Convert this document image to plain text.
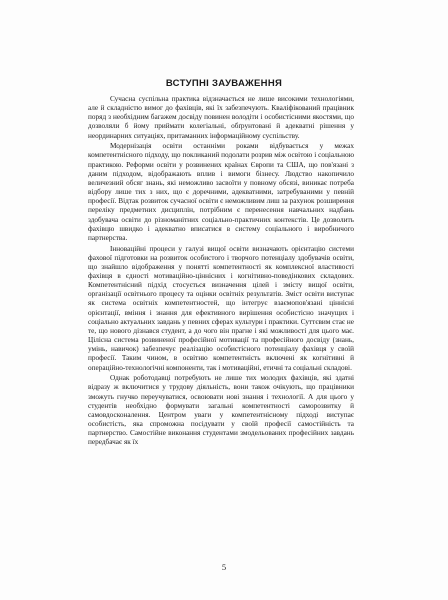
ВСТУПНІ ЗАУВАЖЕННЯ

Сучасна суспільна практика відзначається не лише високими технологіями, але й складністю вимог до фахівців, які їх забезпечують. Кваліфікований працівник поряд з необхідним багажем досвіду повинен володіти і особистісними якостями, що дозволяли б йому приймати колегіальні, обґрунтовані й адекватні рішення у неординарних ситуаціях, притаманних інформаційному суспільству.

Модернізація освіти останніми роками відбувається у межах компетентнісного підходу, що покликаний подолати розрив між освітою і соціальною практикою. Реформи освіти у розвинених країнах Європи та США, що пов'язані з даним підходом, відображають вплив і вимоги бізнесу. Людство накопичило величезний обсяг знань, які неможливо засвоїти у повному обсязі, виникає потреба відбору лише тих з них, що є доречними, адекватними, затребуваними у певній професії. Відтак розвиток сучасної освіти є неможливим лиш за рахунок розширення переліку предметних дисциплін, потрібним є перенесення навчальних надбань здобувача освіти до різноманітних соціально-практичних контекстів. Це дозволить фахівцю швидко і адекватно вписатися в систему соціального і виробничого партнерства.

Інноваційні процеси у галузі вищої освіти визначають орієнтацію системи фахової підготовки на розвиток особистого і творчого потенціалу здобувачів освіти, що знайшло відображення у понятті компетентності як комплексної властивості фахівця в єдності мотиваційно-ціннісних і когнітивно-поведінкових складових. Компетентнісний підхід стосується визначення цілей і змісту вищої освіти, організації освітнього процесу та оцінки освітніх результатів. Зміст освіти виступає як система освітніх компетентностей, що інтегрує взаємопов'язані ціннісні орієнтації, вміння і знання для ефективного вирішення особистісно значущих і соціально актуальних завдань у певних сферах культури і практики. Суттєвим стає не те, що нового дізнався студент, а до чого він прагне і які можливості для цього має. Цілісна система розвиненої професійної мотивації та професійного досвіду (знань, умінь, навичок) забезпечує реалізацію особистісного потенціалу фахівця у своїй професії. Таким чином, в освітню компетентність включені як когнітивні й операційно-технологічні компоненти, так і мотиваційні, етичні та соціальні складові.

Однак роботодавці потребують не лише тих молодих фахівців, які здатні відразу ж включитися у трудову діяльність, вони також очікують, що працівники зможуть гнучко переучуватися, освоювати нові знання і технології. А для цього у студентів необхідно формувати загальні компетентності саморозвитку й самовдосконалення. Центром уваги у компетентнісному підході виступає особистість, яка спроможна посідувати у своїй професії самостійність та партнерство. Самостійне виконання студентами змодельованих професійних завдань передбачає як їх

5
